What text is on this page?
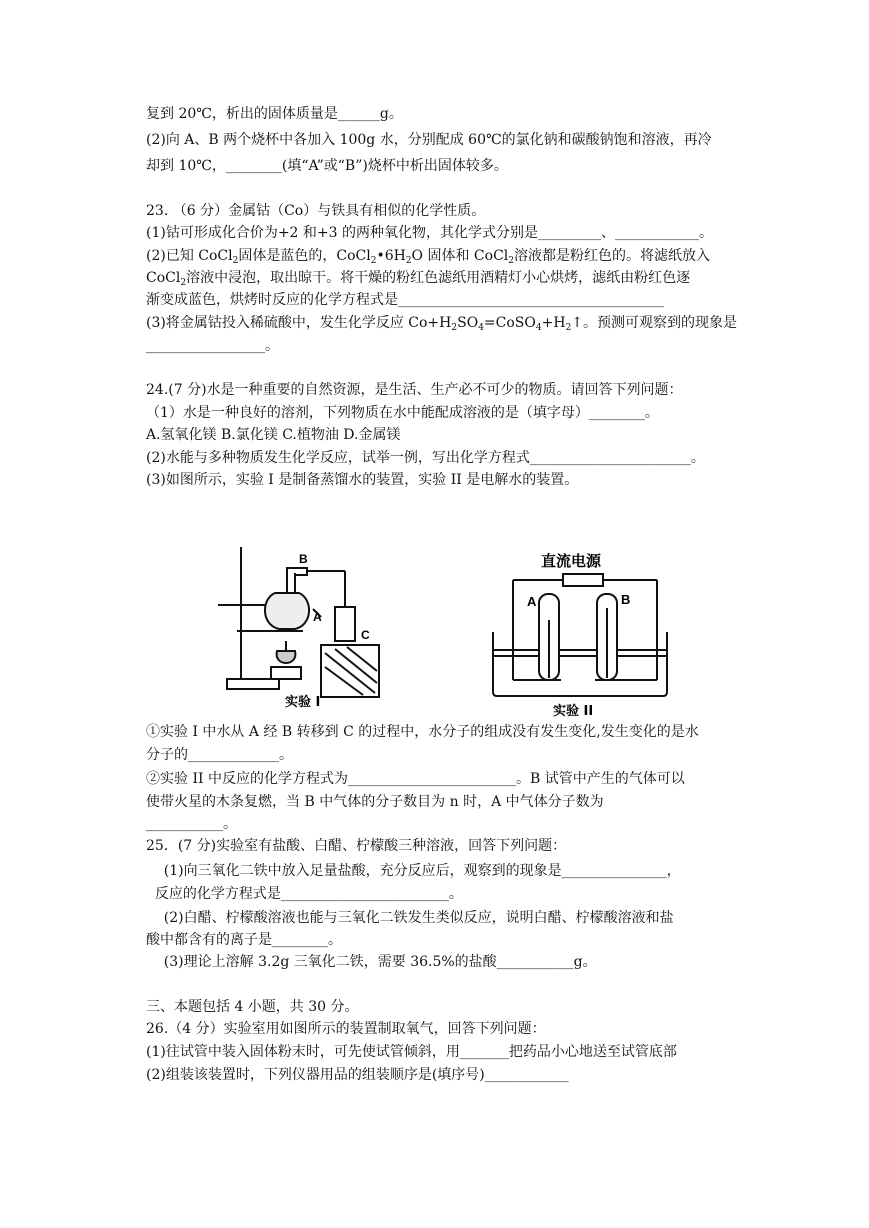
复到 20℃，析出的固体质量是______g。
(2)向 A、B 两个烧杯中各加入 100g 水，分别配成 60℃的氯化钠和碳酸钠饱和溶液，再冷
却到 10℃，________(填“A”或“B”)烧杯中析出固体较多。
23. （6 分）金属钴（Co）与铁具有相似的化学性质。
(1)钴可形成化合价为+2 和+3 的两种氧化物，其化学式分别是_________、____________。
(2)已知 CoCl$_2$固体是蓝色的，$CoCl_2•6H_2O$ 固体和 CoCl$_2$溶液都是粉红色的。将滤纸放入
CoCl$_2$溶液中浸泡，取出晾干。将干燥的粉红色滤纸用酒精灯小心烘烤，滤纸由粉红色逐
渐变成蓝色，烘烤时反应的化学方程式是______________________________________
(3)将金属钴投入稀硫酸中，发生化学反应 $Co+H_2SO_4=CoSO_4+H_2↑$。预测可观察到的现象是
_________________。
24.(7 分)水是一种重要的自然资源，是生活、生产必不可少的物质。请回答下列问题：
（1）水是一种良好的溶剂，下列物质在水中能配成溶液的是（填字母）________。
A.氢氧化镁 B.氯化镁 C.植物油 D.金属镁
(2)水能与多种物质发生化学反应，试举一例，写出化学方程式_______________________。
(3)如图所示，实验 I 是制备蒸馏水的装置，实验 II 是电解水的装置。
B
A
C
实验 I
直流电源
A	B
实验 II
①实验 I 中水从 A 经 B 转移到 C 的过程中，水分子的组成没有发生变化,发生变化的是水
分子的_____________。
②实验 II 中反应的化学方程式为________________________。B 试管中产生的气体可以
使带火星的木条复燃，当 B 中气体的分子数目为 n 时，A 中气体分子数为
___________。
25．(7 分)实验室有盐酸、白醋、柠檬酸三种溶液，回答下列问题：
(1)向三氧化二铁中放入足量盐酸，充分反应后，观察到的现象是_______________，
反应的化学方程式是________________________。
(2)白醋、柠檬酸溶液也能与三氧化二铁发生类似反应，说明白醋、柠檬酸溶液和盐
酸中都含有的离子是________。
(3)理论上溶解 3.2g 三氧化二铁，需要 36.5%的盐酸___________g。
三、本题包括 4 小题，共 30 分。
26.（4 分）实验室用如图所示的装置制取氧气，回答下列问题：
(1)往试管中装入固体粉末时，可先使试管倾斜，用_______把药品小心地送至试管底部
(2)组装该装置时，下列仪器用品的组装顺序是(填序号)____________
